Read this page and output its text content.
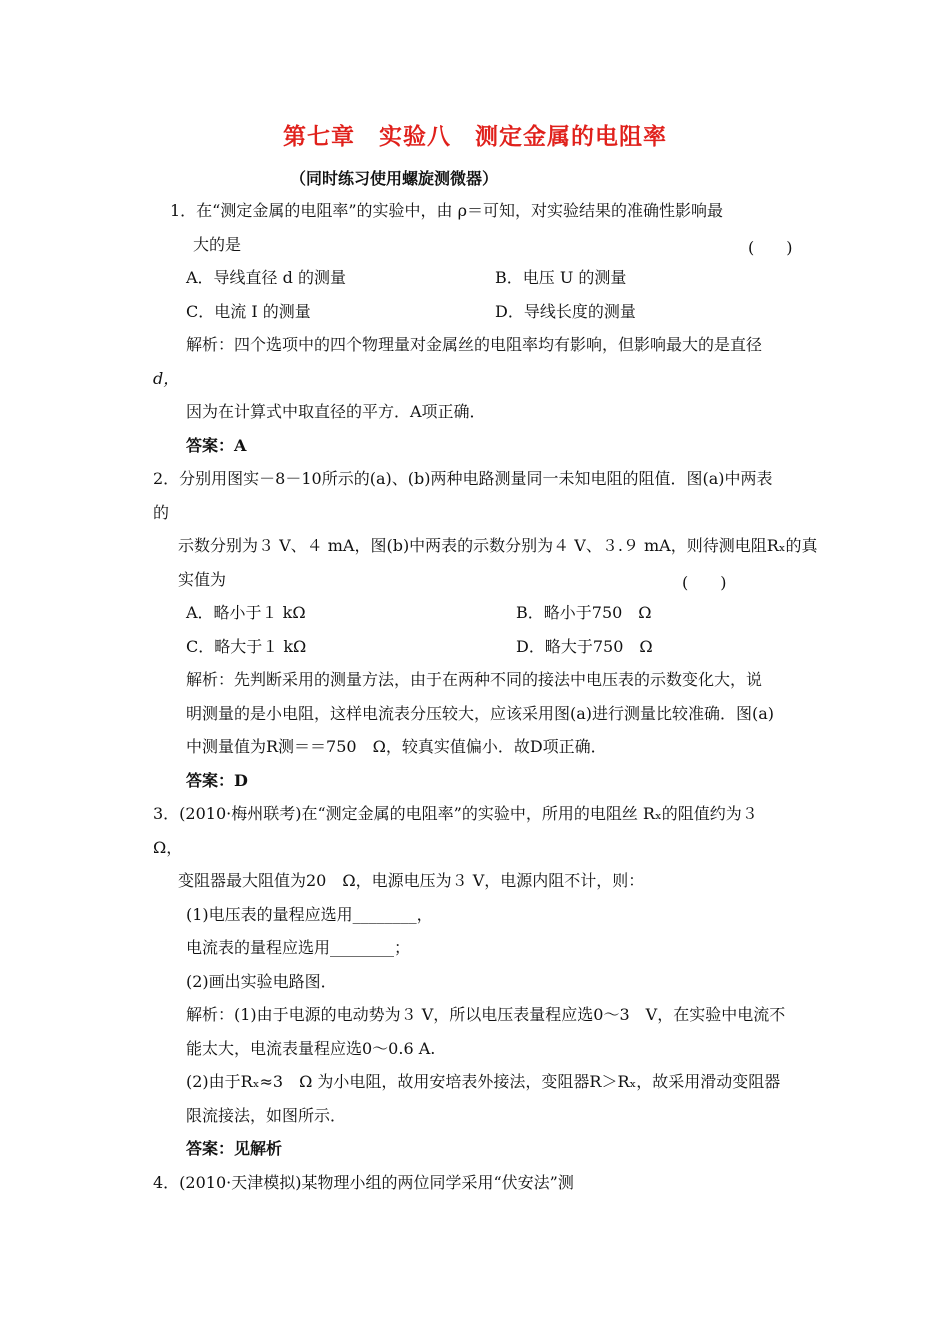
第七章　实验八　测定金属的电阻率
（同时练习使用螺旋测微器）
1．在“测定金属的电阻率”的实验中，由 ρ＝可知，对实验结果的准确性影响最
大的是	(　　)
A．导线直径 d 的测量	B．电压 U 的测量
C．电流 I 的测量	D．导线长度的测量
解析：四个选项中的四个物理量对金属丝的电阻率均有影响，但影响最大的是直径
d，
因为在计算式中取直径的平方．A项正确．
答案：A
2．分别用图实－8－10所示的(a)、(b)两种电路测量同一未知电阻的阻值．图(a)中两表
的
示数分别为３ V、４ mA，图(b)中两表的示数分别为４ V、３.９ mA，则待测电阻Rₓ的真
实值为	(　　)
A．略小于１ kΩ	B．略小于750　Ω
C．略大于１ kΩ	D．略大于750　Ω
解析：先判断采用的测量方法，由于在两种不同的接法中电压表的示数变化大，说
明测量的是小电阻，这样电流表分压较大，应该采用图(a)进行测量比较准确．图(a)
中测量值为R测＝＝750　Ω，较真实值偏小．故D项正确．
答案：D
3．(2010·梅州联考)在“测定金属的电阻率”的实验中，所用的电阻丝 Rₓ的阻值约为３
Ω，
变阻器最大阻值为20　Ω，电源电压为３ V，电源内阻不计，则：
(1)电压表的量程应选用________，
电流表的量程应选用________；
(2)画出实验电路图．
解析：(1)由于电源的电动势为３ V，所以电压表量程应选0～3　V，在实验中电流不
能太大，电流表量程应选0～0.6 A.
(2)由于Rₓ≈3　Ω 为小电阻，故用安培表外接法，变阻器R＞Rₓ，故采用滑动变阻器
限流接法，如图所示．
答案：见解析
4．(2010·天津模拟)某物理小组的两位同学采用“伏安法”测
